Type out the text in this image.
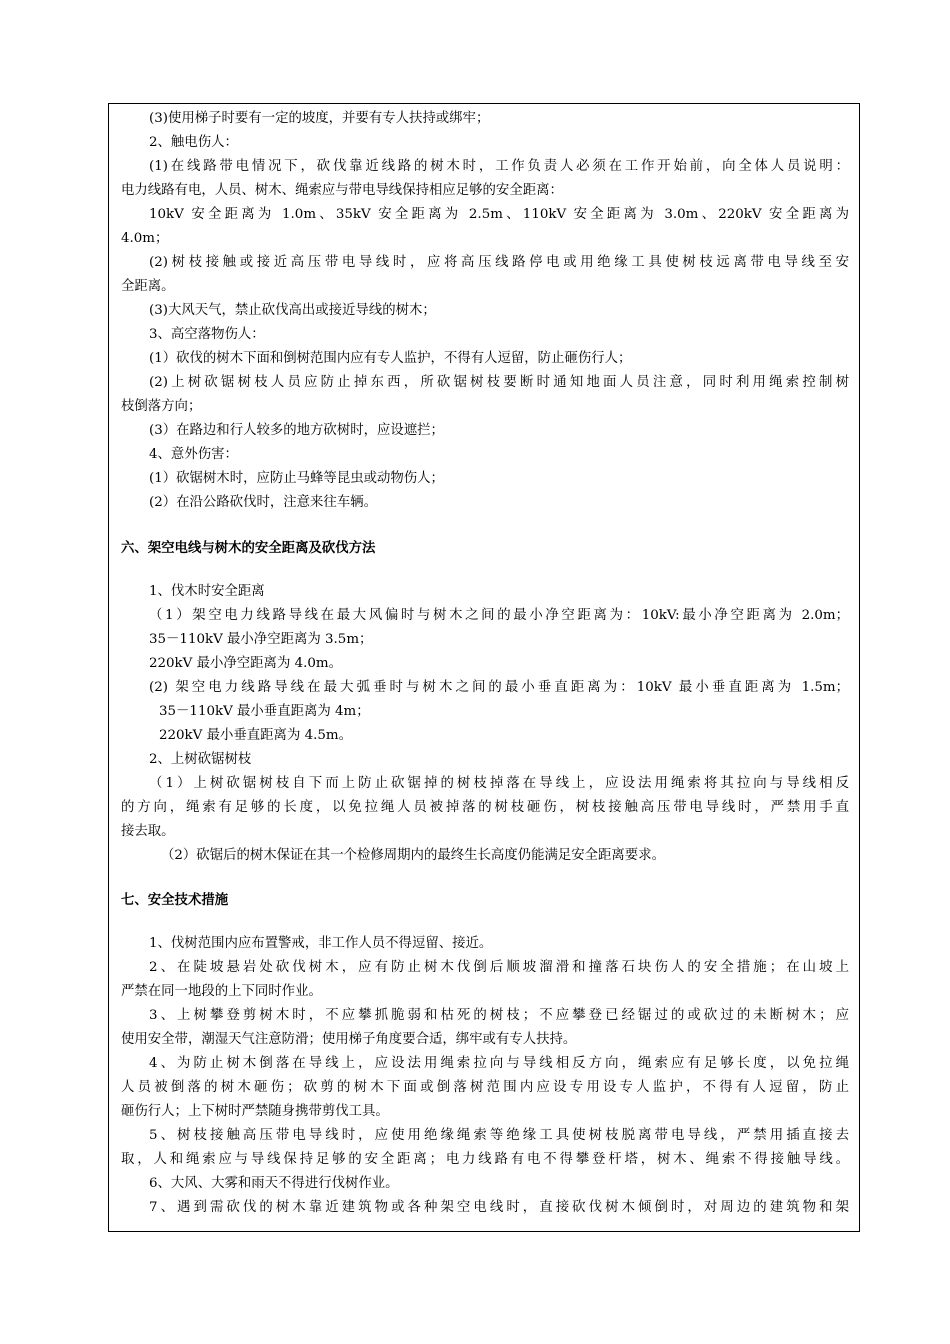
(3)使用梯子时要有一定的坡度，并要有专人扶持或绑牢；
2、触电伤人：
(1)在线路带电情况下，砍伐靠近线路的树木时，工作负责人必须在工作开始前，向全体人员说明：
电力线路有电，人员、树木、绳索应与带电导线保持相应足够的安全距离：
10kV 安全距离为 1.0m、35kV 安全距离为 2.5m、110kV 安全距离为 3.0m、220kV 安全距离为
4.0m；
(2)树枝接触或接近高压带电导线时，应将高压线路停电或用绝缘工具使树枝远离带电导线至安
全距离。
(3)大风天气，禁止砍伐高出或接近导线的树木；
3、高空落物伤人：
(1）砍伐的树木下面和倒树范围内应有专人监护，不得有人逗留，防止砸伤行人；
(2)上树砍锯树枝人员应防止掉东西，所砍锯树枝要断时通知地面人员注意，同时利用绳索控制树
枝倒落方向；
(3）在路边和行人较多的地方砍树时，应设遮拦；
4、意外伤害：
(1）砍锯树木时，应防止马蜂等昆虫或动物伤人；
(2）在沿公路砍伐时，注意来往车辆。
六、架空电线与树木的安全距离及砍伐方法
1、伐木时安全距离
（1）架空电力线路导线在最大风偏时与树木之间的最小净空距离为：10kV:最小净空距离为 2.0m；
35－110kV 最小净空距离为 3.5m；
220kV 最小净空距离为 4.0m。
(2) 架空电力线路导线在最大弧垂时与树木之间的最小垂直距离为：10kV 最小垂直距离为 1.5m；
35－110kV 最小垂直距离为 4m；
220kV 最小垂直距离为 4.5m。
2、上树砍锯树枝
（1）上树砍锯树枝自下而上防止砍锯掉的树枝掉落在导线上，应设法用绳索将其拉向与导线相反
的方向，绳索有足够的长度，以免拉绳人员被掉落的树枝砸伤，树枝接触高压带电导线时，严禁用手直
接去取。
（2）砍锯后的树木保证在其一个检修周期内的最终生长高度仍能满足安全距离要求。
七、安全技术措施
1、伐树范围内应布置警戒，非工作人员不得逗留、接近。
2、在陡坡悬岩处砍伐树木，应有防止树木伐倒后顺坡溜滑和撞落石块伤人的安全措施；在山坡上
严禁在同一地段的上下同时作业。
3、上树攀登剪树木时，不应攀抓脆弱和枯死的树枝；不应攀登已经锯过的或砍过的未断树木；应
使用安全带，潮湿天气注意防滑；使用梯子角度要合适，绑牢或有专人扶持。
4、为防止树木倒落在导线上，应设法用绳索拉向与导线相反方向，绳索应有足够长度，以免拉绳
人员被倒落的树木砸伤；砍剪的树木下面或倒落树范围内应设专用设专人监护，不得有人逗留，防止
砸伤行人；上下树时严禁随身携带剪伐工具。
5、树枝接触高压带电导线时，应使用绝缘绳索等绝缘工具使树枝脱离带电导线，严禁用插直接去
取，人和绳索应与导线保持足够的安全距离；电力线路有电不得攀登杆塔，树木、绳索不得接触导线。
6、大风、大雾和雨天不得进行伐树作业。
7、遇到需砍伐的树木靠近建筑物或各种架空电线时，直接砍伐树木倾倒时，对周边的建筑物和架
